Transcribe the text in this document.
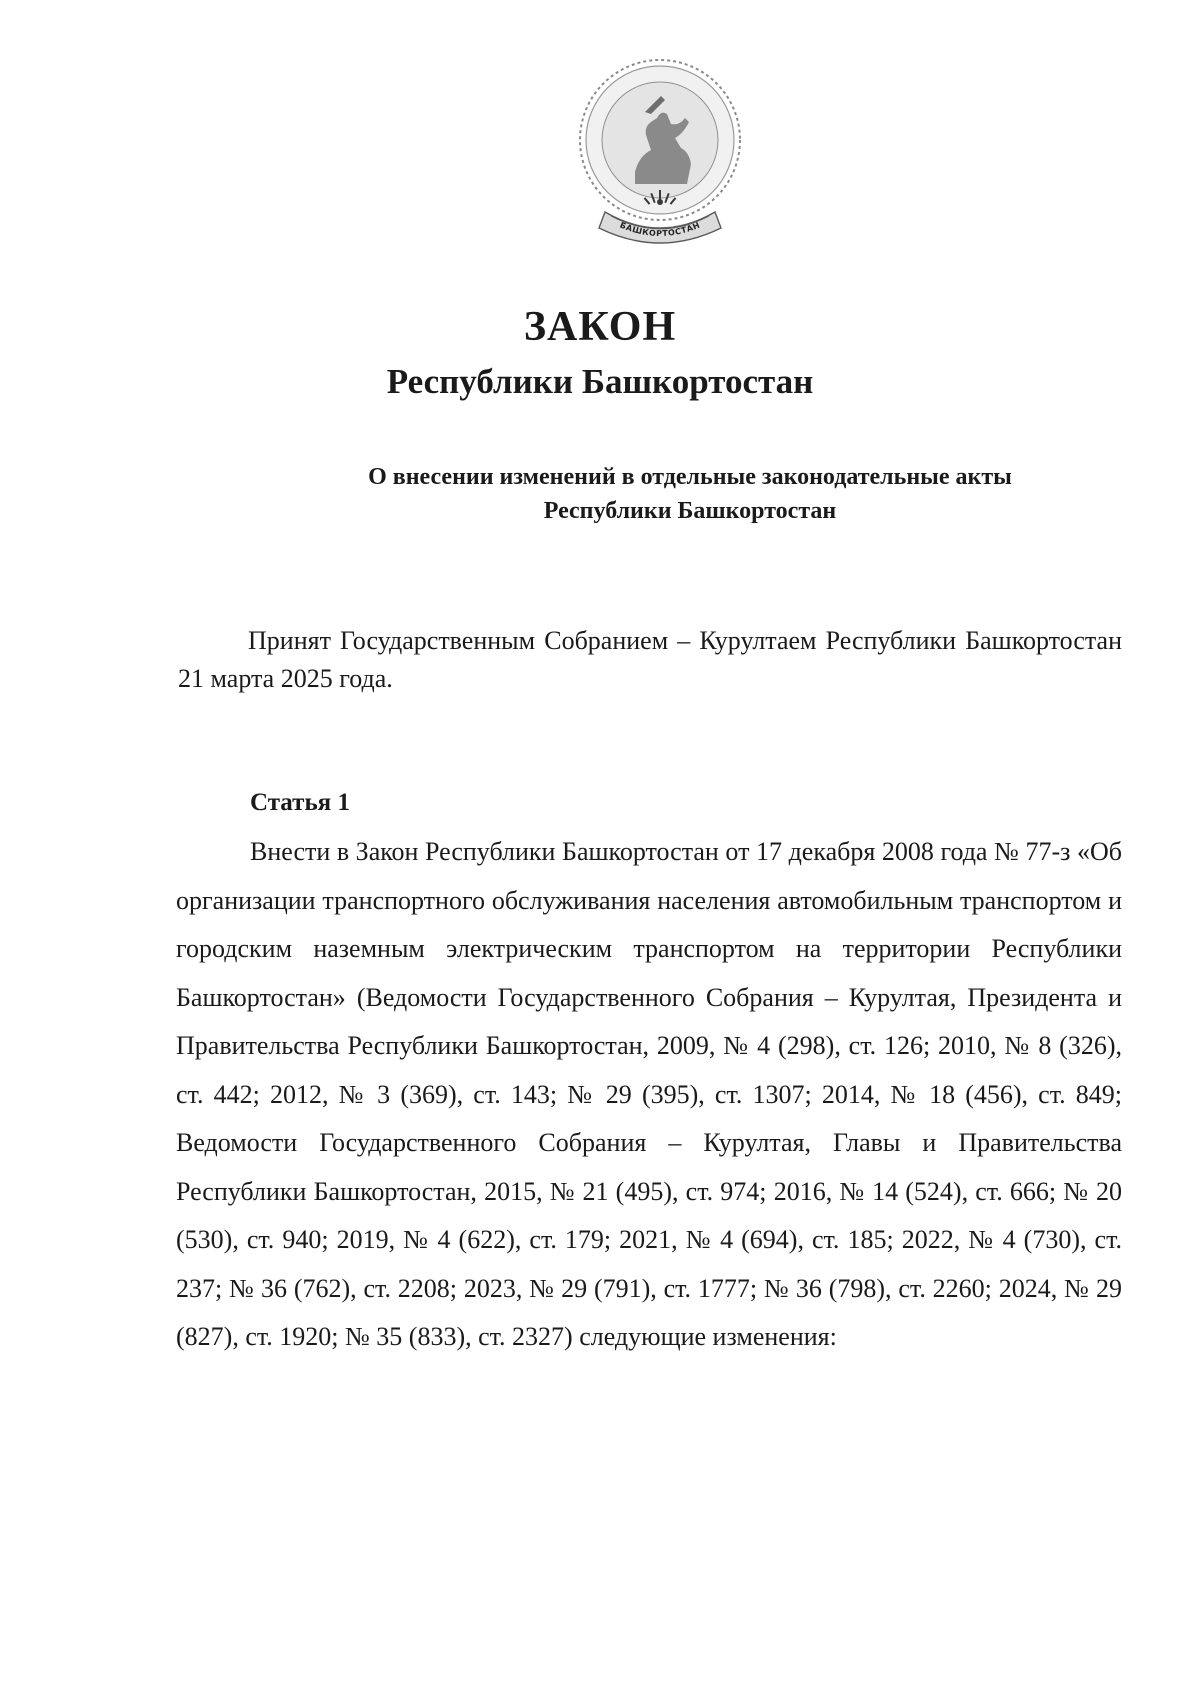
БАШКОРТОСТАН
ЗАКОН
Республики Башкортостан
О внесении изменений в отдельные законодательные акты
Республики Башкортостан
Принят Государственным Собранием – Курултаем Республики Башкортостан 21 марта 2025 года.
Статья 1
Внести в Закон Республики Башкортостан от 17 декабря 2008 года № 77-з «Об организации транспортного обслуживания населения автомобильным транспортом и городским наземным электрическим транспортом на территории Республики Башкортостан» (Ведомости Государственного Собрания – Курултая, Президента и Правительства Республики Башкортостан, 2009, № 4 (298), ст. 126; 2010, № 8 (326), ст. 442; 2012, № 3 (369), ст. 143; № 29 (395), ст. 1307; 2014, № 18 (456), ст. 849; Ведомости Государственного Собрания – Курултая, Главы и Правительства Республики Башкортостан, 2015, № 21 (495), ст. 974; 2016, № 14 (524), ст. 666; № 20 (530), ст. 940; 2019, № 4 (622), ст. 179; 2021, № 4 (694), ст. 185; 2022, № 4 (730), ст. 237; № 36 (762), ст. 2208; 2023, № 29 (791), ст. 1777; № 36 (798), ст. 2260; 2024, № 29 (827), ст. 1920; № 35 (833), ст. 2327) следующие изменения:
